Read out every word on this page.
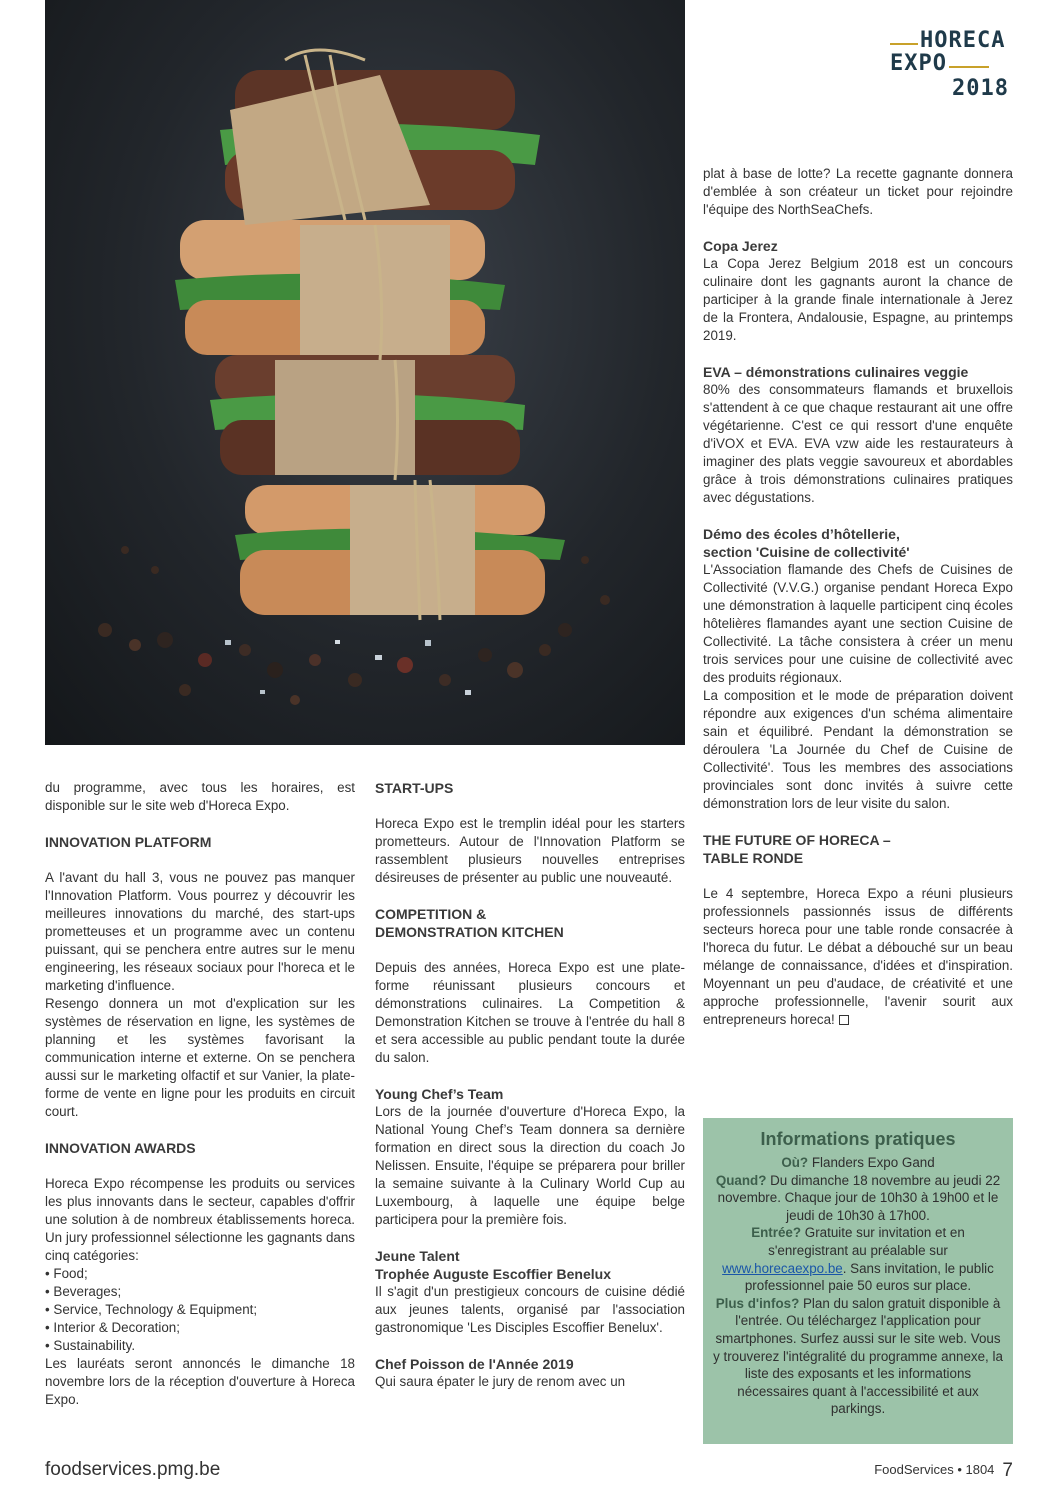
HORECA
EXPO
2018

du programme, avec tous les horaires, est disponible sur le site web d'Horeca Expo.

INNOVATION PLATFORM

A l'avant du hall 3, vous ne pouvez pas manquer l'Innovation Platform. Vous pourrez y découvrir les meilleures innovations du marché, des start-ups prometteuses et un programme avec un contenu puissant, qui se penchera entre autres sur le menu engineering, les réseaux sociaux pour l'horeca et le marketing d'influence.

Resengo donnera un mot d'explication sur les systèmes de réservation en ligne, les systèmes de planning et les systèmes favorisant la communication interne et externe. On se penchera aussi sur le marketing olfactif et sur Vanier, la plate-forme de vente en ligne pour les produits en circuit court.

INNOVATION AWARDS

Horeca Expo récompense les produits ou services les plus innovants dans le secteur, capables d'offrir une solution à de nombreux établissements horeca. Un jury professionnel sélectionne les gagnants dans cinq catégories:

• Food;
• Beverages;
• Service, Technology & Equipment;
• Interior & Decoration;
• Sustainability.

Les lauréats seront annoncés le dimanche 18 novembre lors de la réception d'ouverture à Horeca Expo.

START-UPS

Horeca Expo est le tremplin idéal pour les starters prometteurs. Autour de l'Innovation Platform se rassemblent plusieurs nouvelles entreprises désireuses de présenter au public une nouveauté.

COMPETITION &
DEMONSTRATION KITCHEN

Depuis des années, Horeca Expo est une plate-forme réunissant plusieurs concours et démonstrations culinaires. La Competition & Demonstration Kitchen se trouve à l'entrée du hall 8 et sera accessible au public pendant toute la durée du salon.

Young Chef’s Team

Lors de la journée d'ouverture d'Horeca Expo, la National Young Chef’s Team donnera sa dernière formation en direct sous la direction du coach Jo Nelissen. Ensuite, l'équipe se préparera pour briller la semaine suivante à la Culinary World Cup au Luxembourg, à laquelle une équipe belge participera pour la première fois.

Jeune Talent
Trophée Auguste Escoffier Benelux

Il s'agit d'un prestigieux concours de cuisine dédié aux jeunes talents, organisé par l'association gastronomique 'Les Disciples Escoffier Benelux'.

Chef Poisson de l'Année 2019

Qui saura épater le jury de renom avec un

plat à base de lotte? La recette gagnante donnera d'emblée à son créateur un ticket pour rejoindre l'équipe des NorthSeaChefs.

Copa Jerez

La Copa Jerez Belgium 2018 est un concours culinaire dont les gagnants auront la chance de participer à la grande finale internationale à Jerez de la Frontera, Andalousie, Espagne, au printemps 2019.

EVA – démonstrations culinaires veggie

80% des consommateurs flamands et bruxellois s'attendent à ce que chaque restaurant ait une offre végétarienne. C'est ce qui ressort d'une enquête d'iVOX et EVA. EVA vzw aide les restaurateurs à imaginer des plats veggie savoureux et abordables grâce à trois démonstrations culinaires pratiques avec dégustations.

Démo des écoles d’hôtellerie,
section 'Cuisine de collectivité'

L'Association flamande des Chefs de Cuisines de Collectivité (V.V.G.) organise pendant Horeca Expo une démonstration à laquelle participent cinq écoles hôtelières flamandes ayant une section Cuisine de Collectivité. La tâche consistera à créer un menu trois services pour une cuisine de collectivité avec des produits régionaux.

La composition et le mode de préparation doivent répondre aux exigences d'un schéma alimentaire sain et équilibré. Pendant la démonstration se déroulera 'La Journée du Chef de Cuisine de Collectivité'. Tous les membres des associations provinciales sont donc invités à suivre cette démonstration lors de leur visite du salon.

THE FUTURE OF HORECA –
TABLE RONDE

Le 4 septembre, Horeca Expo a réuni plusieurs professionnels passionnés issus de différents secteurs horeca pour une table ronde consacrée à l'horeca du futur. Le débat a débouché sur un beau mélange de connaissance, d'idées et d'inspiration. Moyennant un peu d'audace, de créativité et une approche professionnelle, l'avenir sourit aux entrepreneurs horeca!

Informations pratiques
Où? Flanders Expo Gand
Quand? Du dimanche 18 novembre au jeudi 22 novembre. Chaque jour de 10h30 à 19h00 et le jeudi de 10h30 à 17h00.
Entrée? Gratuite sur invitation et en s'enregistrant au préalable sur www.horecaexpo.be. Sans invitation, le public professionnel paie 50 euros sur place.
Plus d'infos? Plan du salon gratuit disponible à l'entrée. Ou téléchargez l'application pour smartphones. Surfez aussi sur le site web. Vous y trouverez l'intégralité du programme annexe, la liste des exposants et les informations nécessaires quant à l'accessibilité et aux parkings.
foodservices.pmg.be	FoodServices • 1804 7
